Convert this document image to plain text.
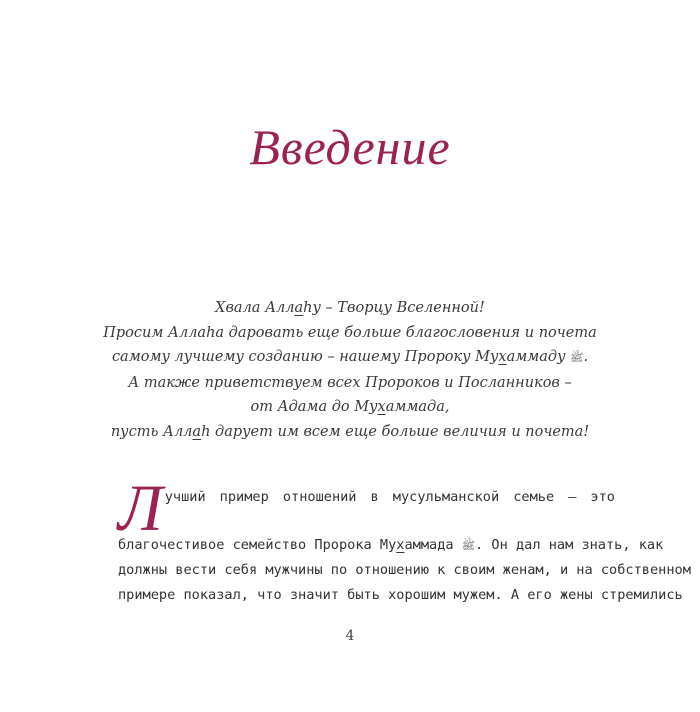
Введение
Хвала Аллаhу – Творцу Вселенной!
Просим Аллаhа даровать еще больше благословения и почета
самому лучшему созданию – нашему Пророку Мухаммаду ﷺ.
А также приветствуем всех Пророков и Посланников –
от Адама до Мухаммада,
пусть Аллаh дарует им всем еще больше величия и почета!
Л учший пример отношений в мусульманской семье – это
благочестивое семейство Пророка Мухаммада ﷺ. Он дал нам знать, как
должны вести себя мужчины по отношению к своим женам, и на собственном
примере показал, что значит быть хорошим мужем. А его жены стремились
4
